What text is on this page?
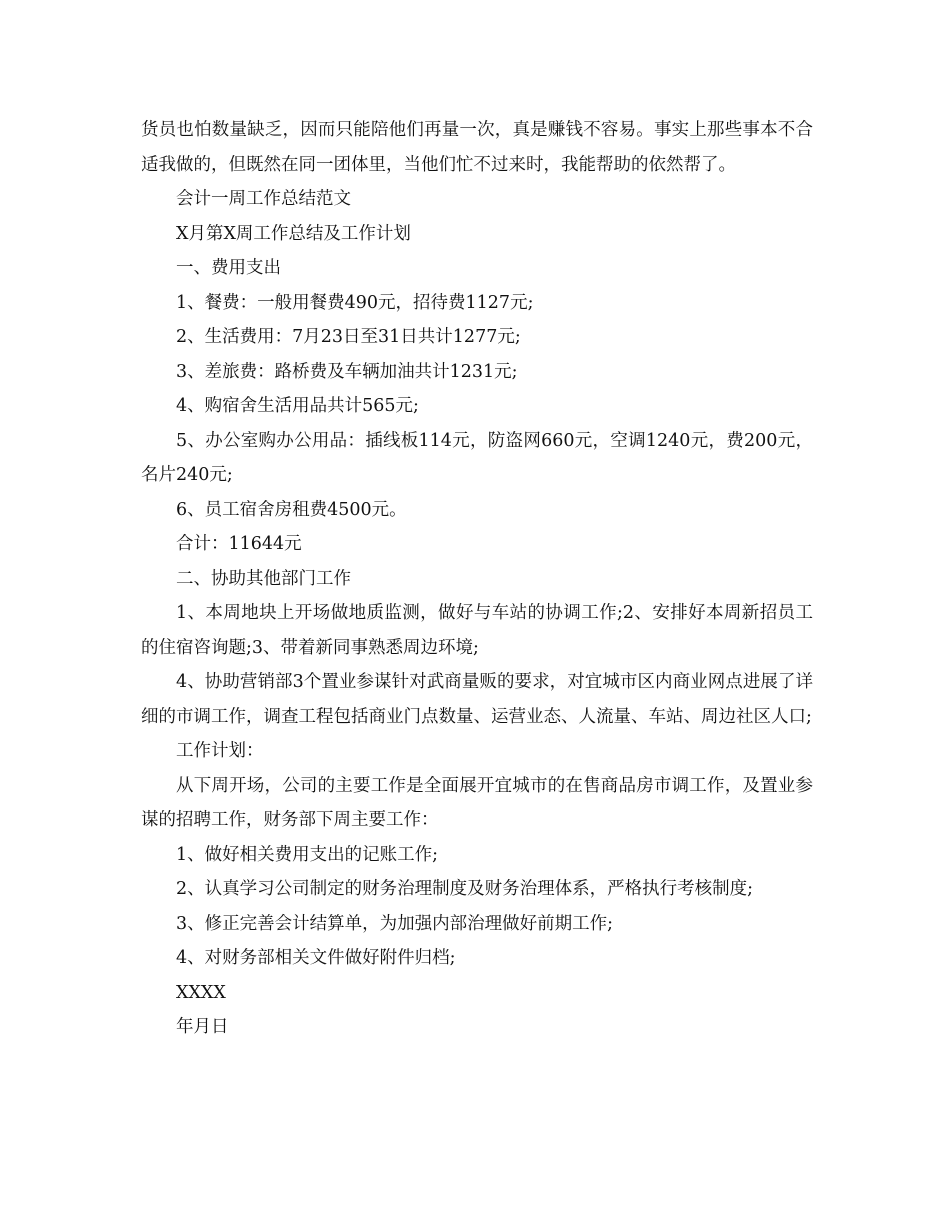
货员也怕数量缺乏，因而只能陪他们再量一次，真是赚钱不容易。事实上那些事本不合适我做的，但既然在同一团体里，当他们忙不过来时，我能帮助的依然帮了。

会计一周工作总结范文

X月第X周工作总结及工作计划

一、费用支出

1、餐费：一般用餐费490元，招待费1127元;

2、生活费用：7月23日至31日共计1277元;

3、差旅费：路桥费及车辆加油共计1231元;

4、购宿舍生活用品共计565元;

5、办公室购办公用品：插线板114元，防盗网660元，空调1240元，费200元，名片240元;

6、员工宿舍房租费4500元。

合计：11644元

二、协助其他部门工作

1、本周地块上开场做地质监测，做好与车站的协调工作;2、安排好本周新招员工的住宿咨询题;3、带着新同事熟悉周边环境;

4、协助营销部3个置业参谋针对武商量贩的要求，对宜城市区内商业网点进展了详细的市调工作，调查工程包括商业门点数量、运营业态、人流量、车站、周边社区人口;

工作计划：

从下周开场，公司的主要工作是全面展开宜城市的在售商品房市调工作，及置业参谋的招聘工作，财务部下周主要工作：

1、做好相关费用支出的记账工作;

2、认真学习公司制定的财务治理制度及财务治理体系，严格执行考核制度;

3、修正完善会计结算单，为加强内部治理做好前期工作;

4、对财务部相关文件做好附件归档;

XXXX

年月日
